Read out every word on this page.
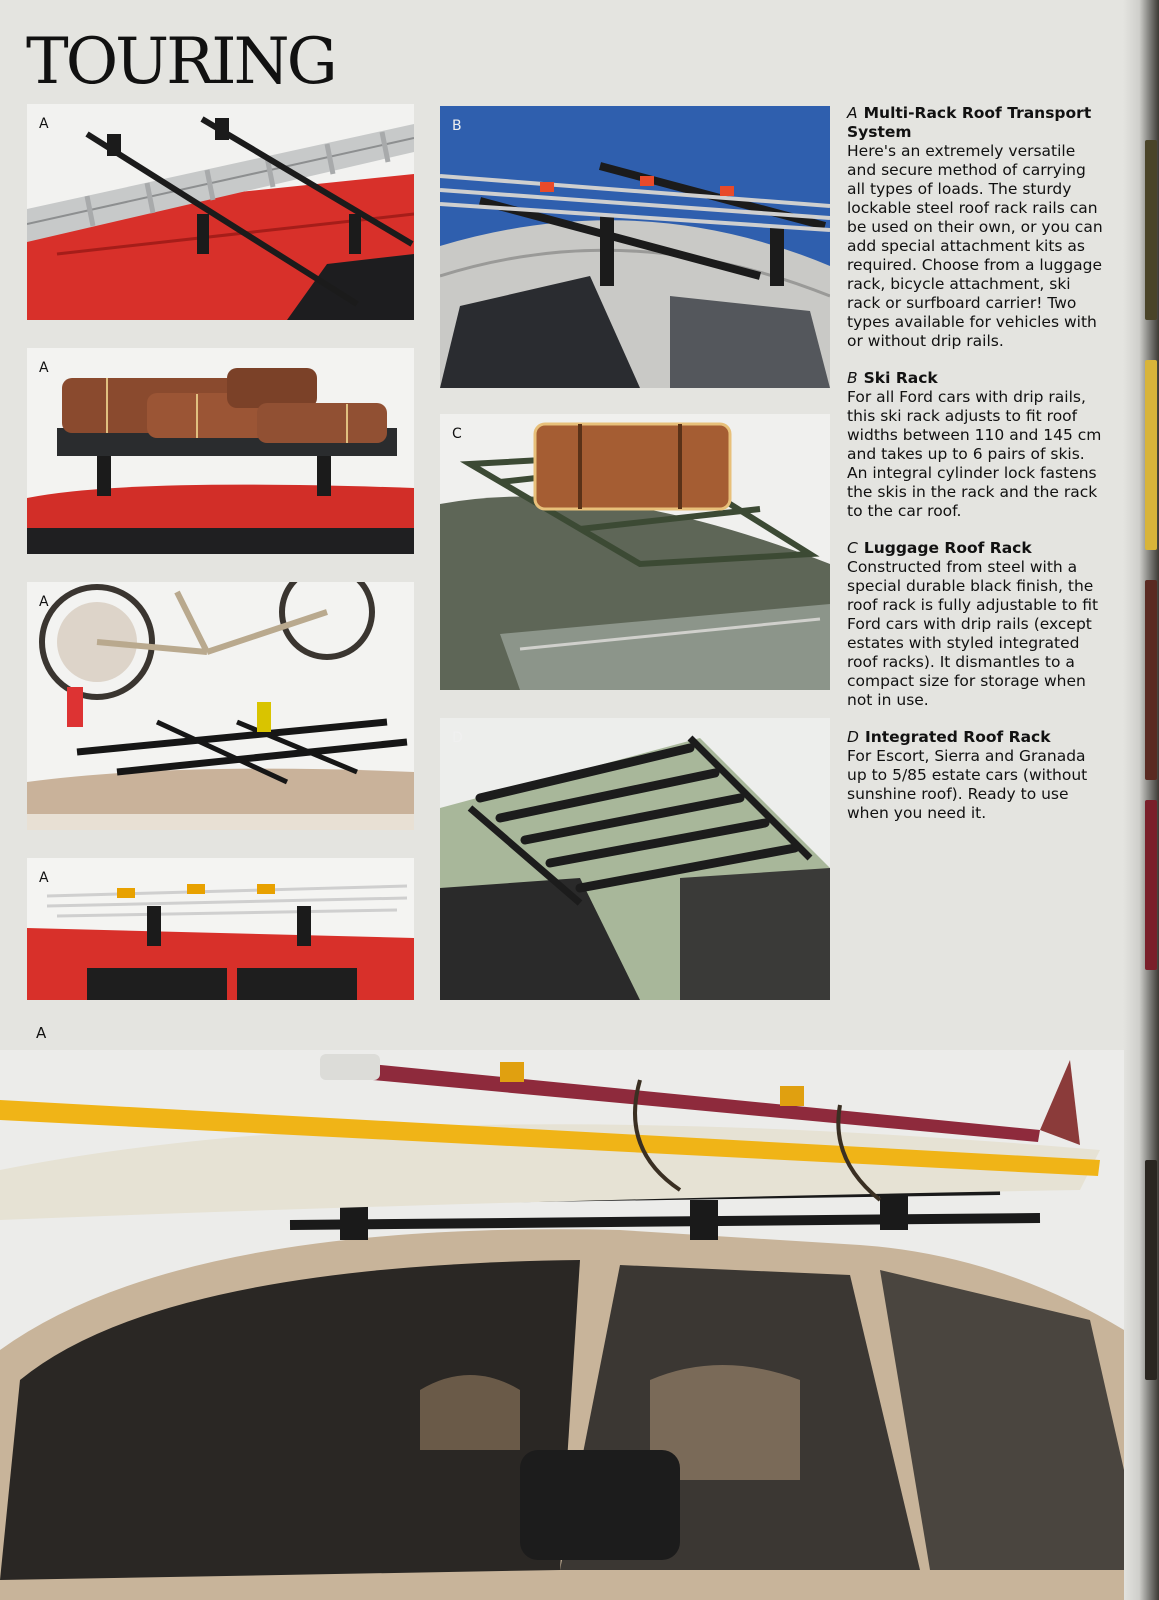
TOURING
A
A
A
A
B
C
D

A Multi-Rack Roof Transport System

Here's an extremely versatile and secure method of carrying all types of loads. The sturdy lockable steel roof rack rails can be used on their own, or you can add special attachment kits as required. Choose from a luggage rack, bicycle attachment, ski rack or surfboard carrier! Two types available for vehicles with or without drip rails.

B Ski Rack

For all Ford cars with drip rails, this ski rack adjusts to fit roof widths between 110 and 145 cm and takes up to 6 pairs of skis. An integral cylinder lock fastens the skis in the rack and the rack to the car roof.

C Luggage Roof Rack

Constructed from steel with a special durable black finish, the roof rack is fully adjustable to fit Ford cars with drip rails (except estates with styled integrated roof racks). It dismantles to a compact size for storage when not in use.

D Integrated Roof Rack

For Escort, Sierra and Granada up to 5/85 estate cars (without sunshine roof). Ready to use when you need it.

A
